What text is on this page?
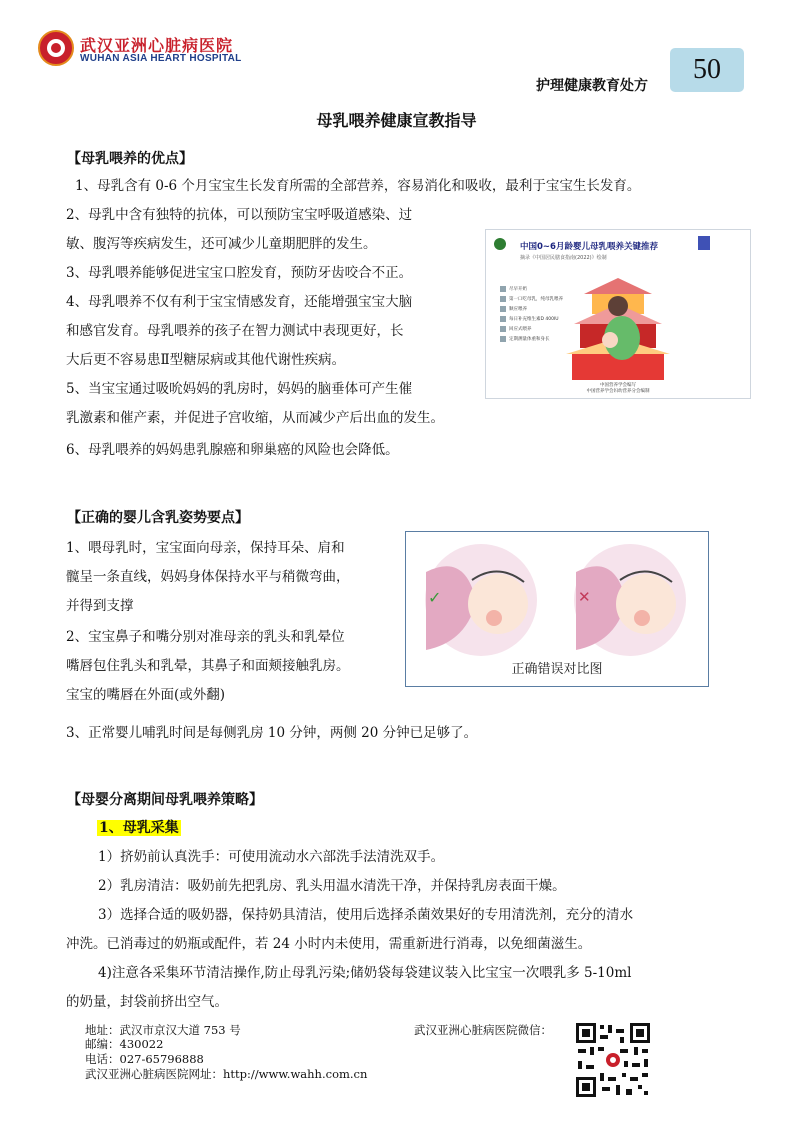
武汉亚洲心脏病医院
WUHAN ASIA HEART HOSPITAL
护理健康教育处方
50
母乳喂养健康宣教指导
【母乳喂养的优点】
1、母乳含有 0-6 个月宝宝生长发育所需的全部营养，容易消化和吸收，最利于宝宝生长发育。
2、母乳中含有独特的抗体，可以预防宝宝呼吸道感染、过
敏、腹泻等疾病发生，还可减少儿童期肥胖的发生。
3、母乳喂养能够促进宝宝口腔发育，预防牙齿咬合不正。
4、母乳喂养不仅有利于宝宝情感发育，还能增强宝宝大脑
和感官发育。母乳喂养的孩子在智力测试中表现更好，长
大后更不容易患Ⅱ型糖尿病或其他代谢性疾病。
5、当宝宝通过吸吮妈妈的乳房时，妈妈的脑垂体可产生催
乳激素和催产素，并促进子宫收缩，从而减少产后出血的发生。
6、母乳喂养的妈妈患乳腺癌和卵巢癌的风险也会降低。
中国0~6月龄婴儿母乳喂养关键推荐
摘录《中国居民膳食指南(2022)》绘制
尽早开奶
第一口吃母乳，纯母乳喂养
顺应喂养
每日补充维生素D 400IU
回应式喂养
定期测量体重和身长
中国营养学会编写
中国营养学会妇幼营养分会编制
【正确的婴儿含乳姿势要点】
1、喂母乳时，宝宝面向母亲，保持耳朵、肩和
髋呈一条直线，妈妈身体保持水平与稍微弯曲，
并得到支撑
2、宝宝鼻子和嘴分别对准母亲的乳头和乳晕位
嘴唇包住乳头和乳晕，其鼻子和面颊接触乳房。
宝宝的嘴唇在外面(或外翻)
3、正常婴儿哺乳时间是每侧乳房 10 分钟，两侧 20 分钟已足够了。
✓	✕
正确错误对比图
【母婴分离期间母乳喂养策略】
1、母乳采集
1）挤奶前认真洗手：可使用流动水六部洗手法清洗双手。
2）乳房清洁：吸奶前先把乳房、乳头用温水清洗干净，并保持乳房表面干燥。
3）选择合适的吸奶器，保持奶具清洁，使用后选择杀菌效果好的专用清洗剂，充分的清水
冲洗。已消毒过的奶瓶或配件，若 24 小时内未使用，需重新进行消毒，以免细菌滋生。
4)注意各采集环节清洁操作,防止母乳污染;储奶袋每袋建议装入比宝宝一次喂乳多 5-10ml
的奶量，封袋前挤出空气。
地址：武汉市京汉大道 753 号
邮编：430022
电话：027-65796888
武汉亚洲心脏病医院网址：http://www.wahh.com.cn
武汉亚洲心脏病医院微信：
